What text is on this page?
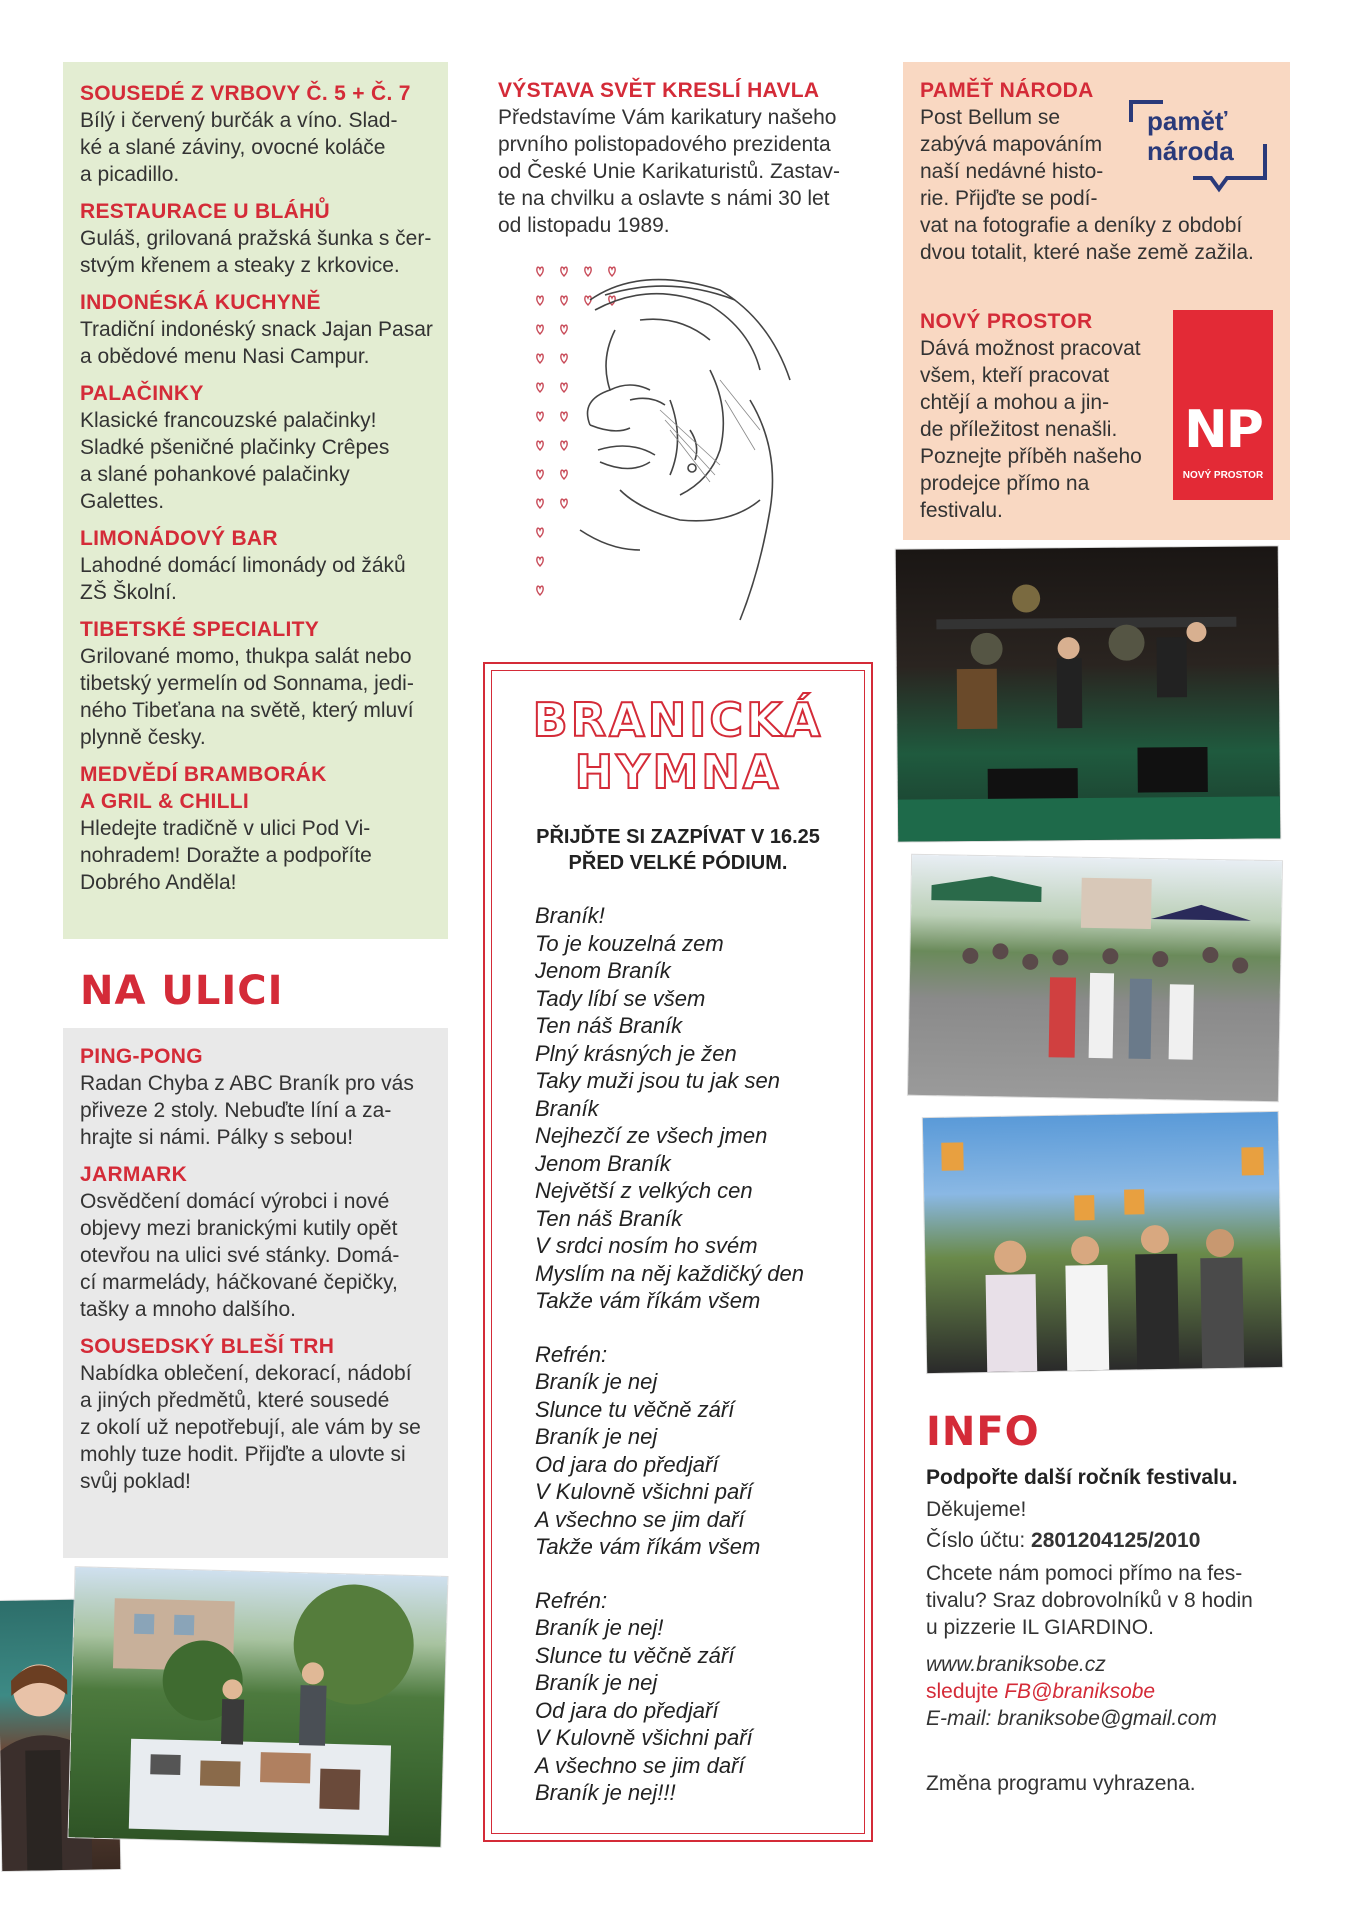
SOUSEDÉ Z VRBOVY Č. 5 + Č. 7
Bílý i červený burčák a víno. Slad-
ké a slané záviny, ovocné koláče
a picadillo.
RESTAURACE U BLÁHŮ
Guláš, grilovaná pražská šunka s čer-
stvým křenem a steaky z krkovice.
INDONÉSKÁ KUCHYNĚ
Tradiční indonéský snack Jajan Pasar
a obědové menu Nasi Campur.
PALAČINKY
Klasické francouzské palačinky!
Sladké pšeničné plačinky Crêpes
a slané pohankové palačinky
Galettes.
LIMONÁDOVÝ BAR
Lahodné domácí limonády od žáků
ZŠ Školní.
TIBETSKÉ SPECIALITY
Grilované momo, thukpa salát nebo
tibetský yermelín od Sonnama, jedi-
ného Tibeťana na světě, který mluví
plynně česky.
MEDVĚDÍ BRAMBORÁK
A GRIL & CHILLI
Hledejte tradičně v ulici Pod Vi-
nohradem! Doražte a podpoříte
Dobrého Anděla!
NA ULICI
PING-PONG
Radan Chyba z ABC Braník pro vás
přiveze 2 stoly. Nebuďte líní a za-
hrajte si námi. Pálky s sebou!
JARMARK
Osvědčení domácí výrobci i nové
objevy mezi branickými kutily opět
otevřou na ulici své stánky. Domá-
cí marmelády, háčkované čepičky,
tašky a mnoho dalšího.
SOUSEDSKÝ BLEŠÍ TRH
Nabídka oblečení, dekorací, nádobí
a jiných předmětů, které sousedé
z okolí už nepotřebují, ale vám by se
mohly tuze hodit. Přijďte a ulovte si
svůj poklad!
VÝSTAVA SVĚT KRESLÍ HAVLA
Představíme Vám karikatury našeho
prvního polistopadového prezidenta
od České Unie Karikaturistů. Zastav-
te na chvilku a oslavte s námi 30 let
od listopadu 1989.
BRANICKÁ
HYMNA
PŘIJĎTE SI ZAZPÍVAT V 16.25
PŘED VELKÉ PÓDIUM.
Braník!
To je kouzelná zem
Jenom Braník
Tady líbí se všem
Ten náš Braník
Plný krásných je žen
Taky muži jsou tu jak sen
Braník
Nejhezčí ze všech jmen
Jenom Braník
Největší z velkých cen
Ten náš Braník
V srdci nosím ho svém
Myslím na něj každičký den
Takže vám říkám všem
Refrén:
Braník je nej
Slunce tu věčně září
Braník je nej
Od jara do předjaří
V Kulovně všichni paří
A všechno se jim daří
Takže vám říkám všem
Refrén:
Braník je nej!
Slunce tu věčně září
Braník je nej
Od jara do předjaří
V Kulovně všichni paří
A všechno se jim daří
Braník je nej!!!
PAMĚŤ NÁRODA
Post Bellum se
zabývá mapováním
naší nedávné histo-
rie. Přijďte se podí-
vat na fotografie a deníky z období
dvou totalit, které naše země zažila.
paměť
národa
NOVÝ PROSTOR
Dává možnost pracovat
všem, kteří pracovat
chtějí a mohou a jin-
de příležitost nenašli.
Poznejte příběh našeho
prodejce přímo na
festivalu.
NP
NOVÝ PROSTOR
INFO
Podpořte další ročník festivalu.
Děkujeme!
Číslo účtu: 2801204125/2010
Chcete nám pomoci přímo na fes-
tivalu? Sraz dobrovolníků v 8 hodin
u pizzerie IL GIARDINO.
www.braniksobe.cz
sledujte FB@braniksobe
E-mail: braniksobe@gmail.com
Změna programu vyhrazena.
